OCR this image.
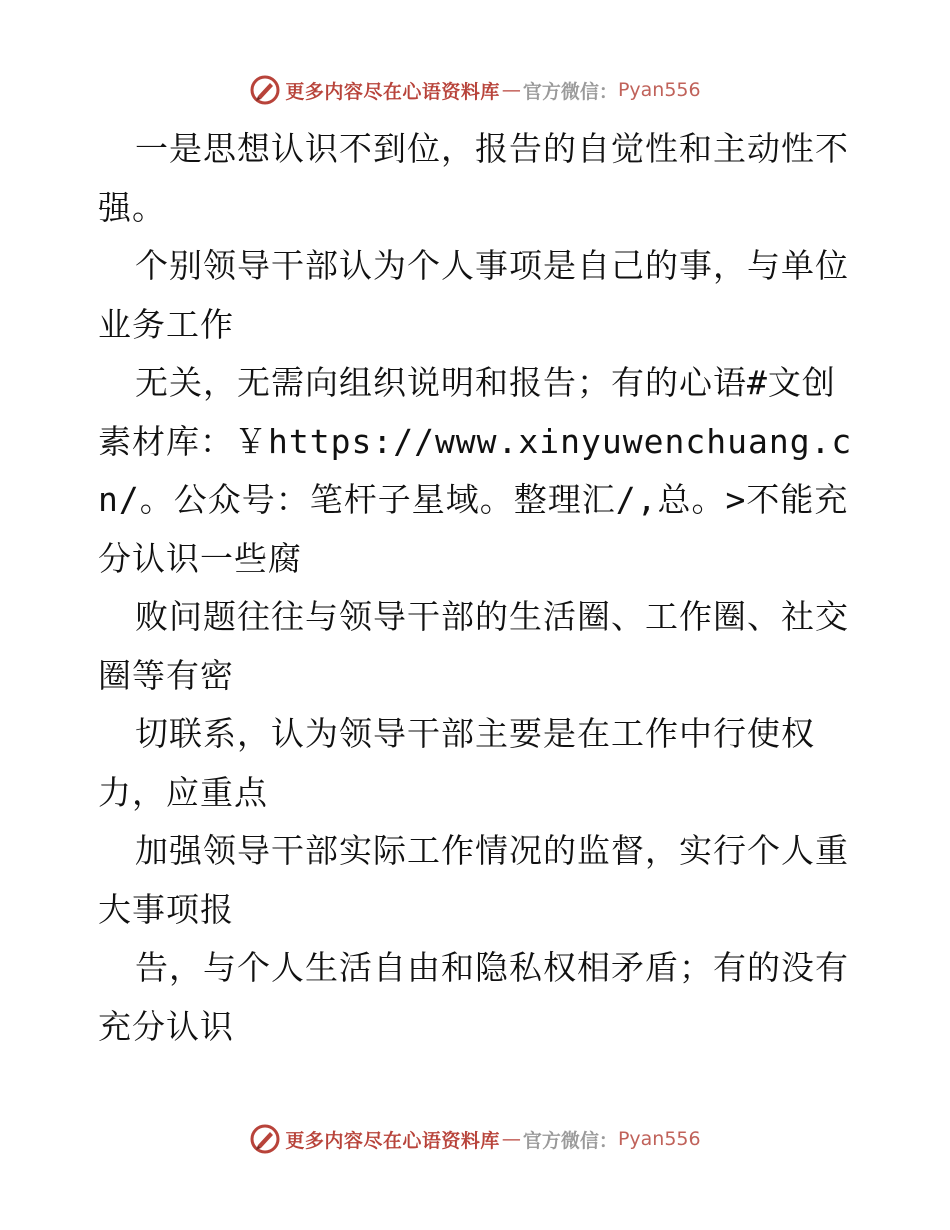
更多内容尽在心语资料库 — 官方微信： Pyan556

一是思想认识不到位，报告的自觉性和主动性不强。

个别领导干部认为个人事项是自己的事，与单位业务工作

无关，无需向组织说明和报告；有的心语#文创素材库：￥https://www.xinyuwenchuang.cn/。公众号：笔杆子星域。整理汇/,总。>不能充分认识一些腐

败问题往往与领导干部的生活圈、工作圈、社交圈等有密

切联系，认为领导干部主要是在工作中行使权力，应重点

加强领导干部实际工作情况的监督，实行个人重大事项报

告，与个人生活自由和隐私权相矛盾；有的没有充分认识

更多内容尽在心语资料库 — 官方微信： Pyan556
